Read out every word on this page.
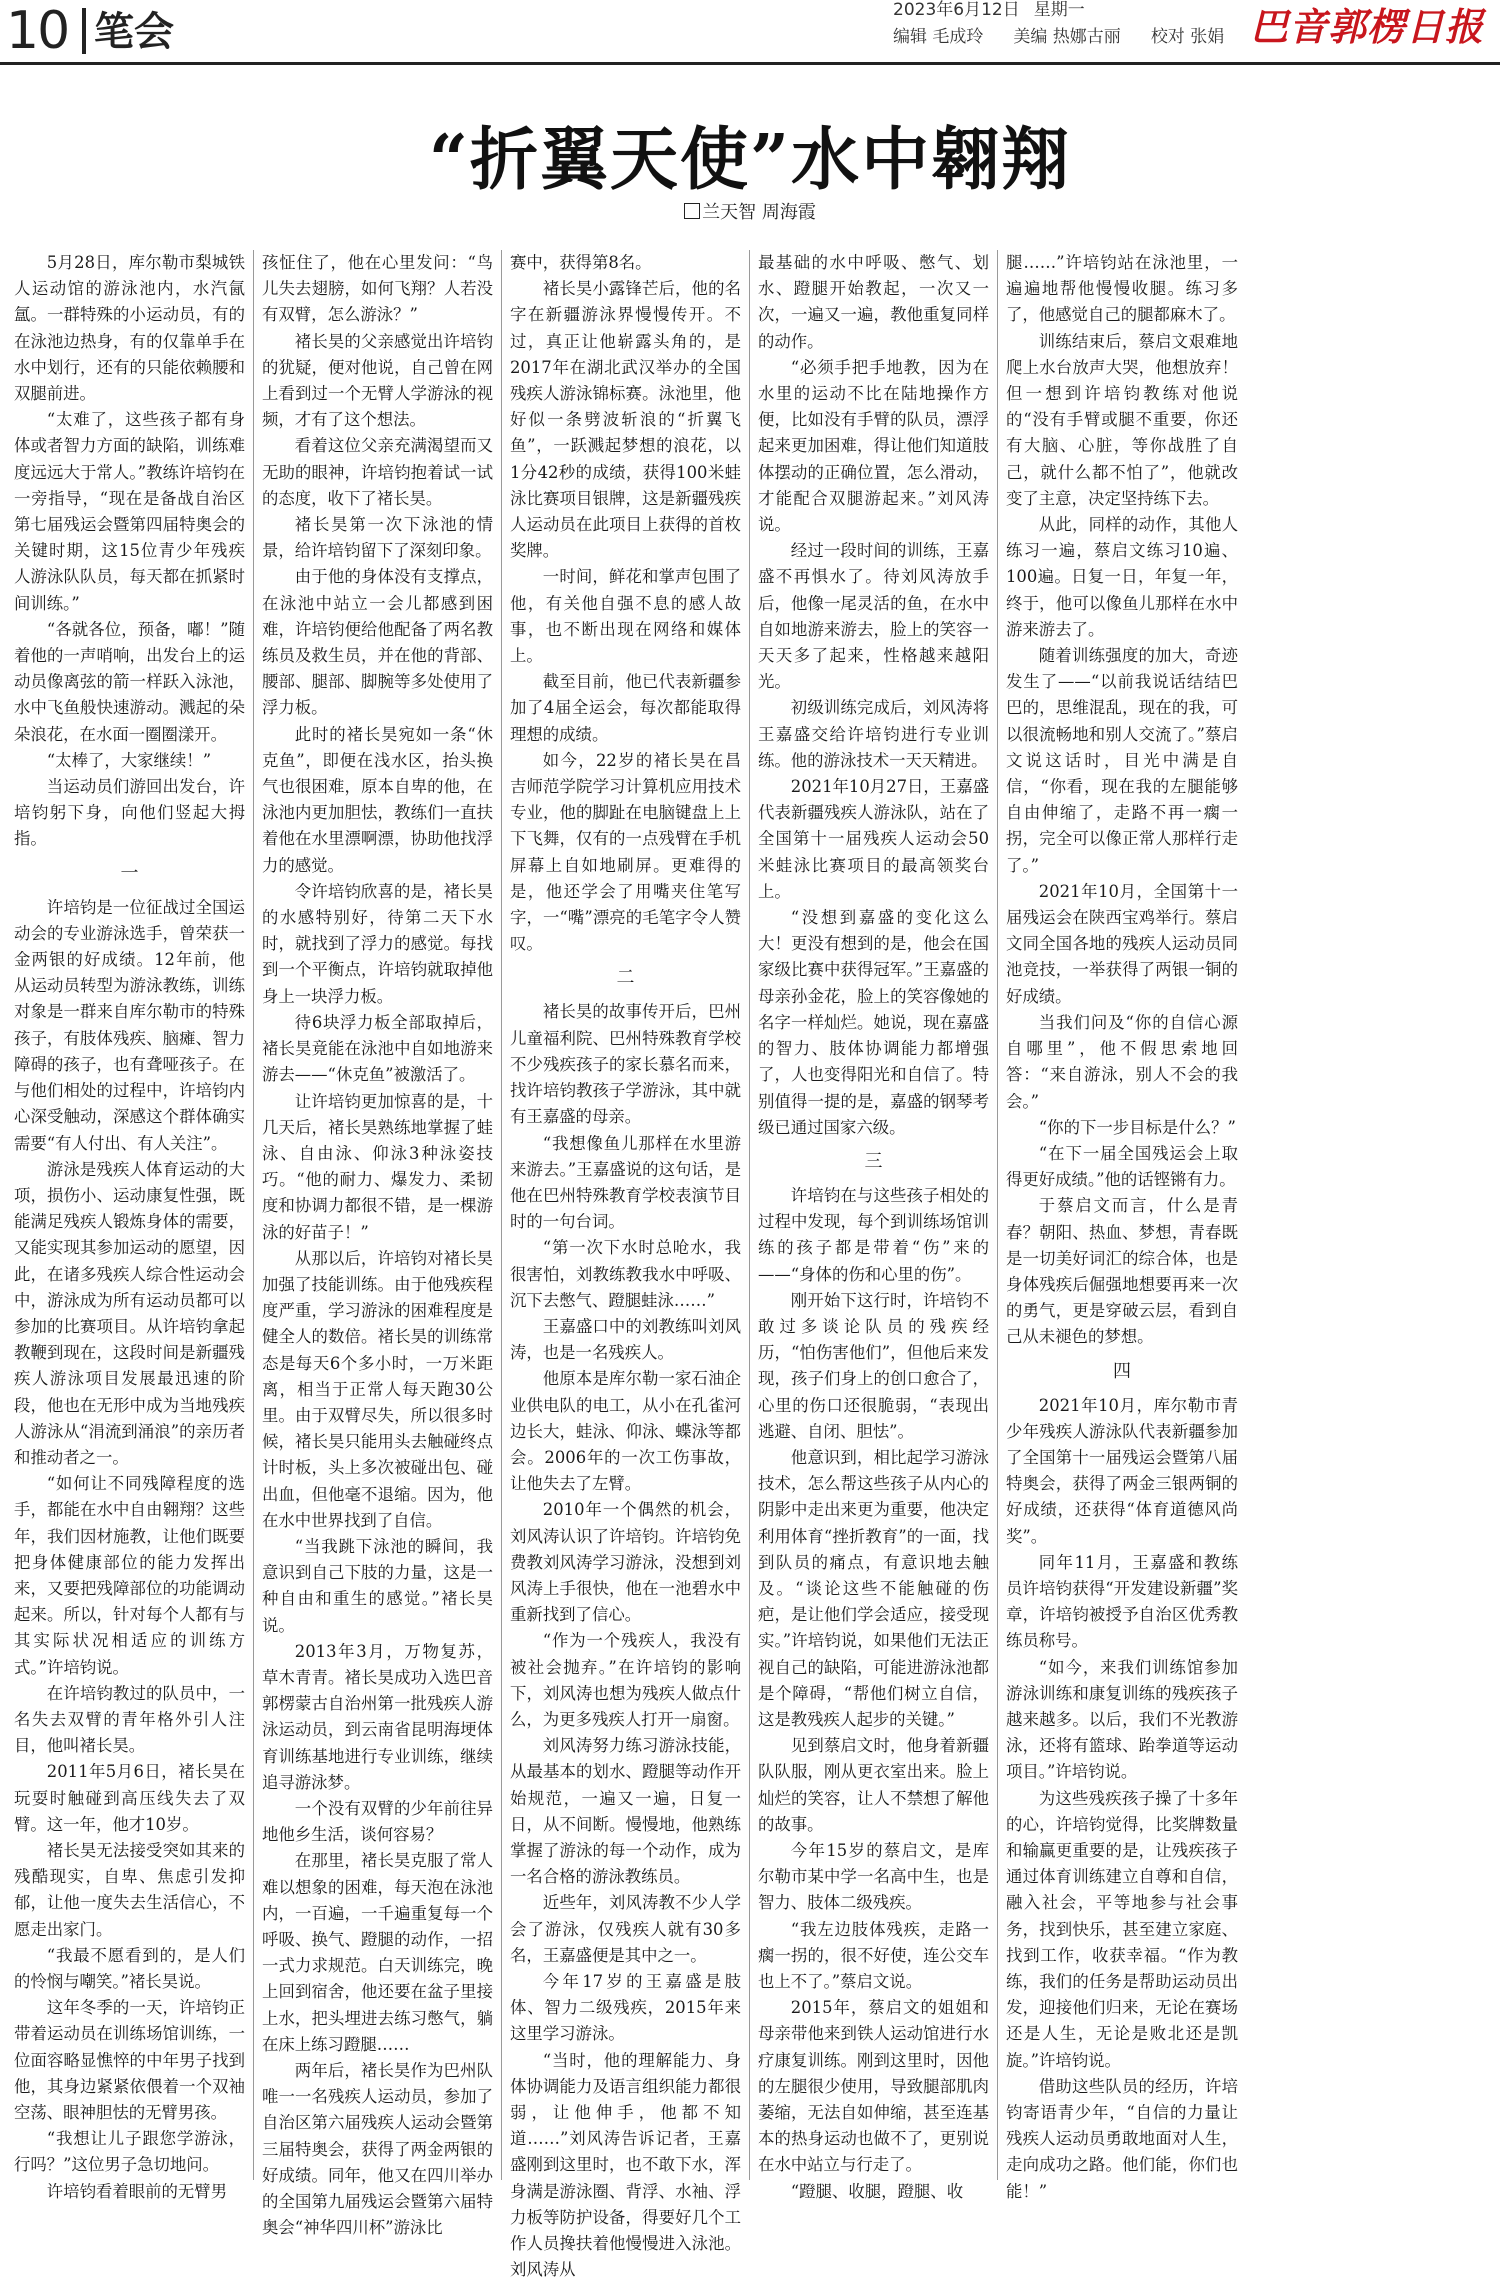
10 笔会	2023年6月12日 星期一
编辑 毛成玲 美编 热娜古丽 校对 张娟 巴音郭楞日报
“折翼天使”水中翱翔
兰天智 周海霞

5月28日，库尔勒市梨城铁人运动馆的游泳池内，水汽氤氲。一群特殊的小运动员，有的在泳池边热身，有的仅靠单手在水中划行，还有的只能依赖腰和双腿前进。

“太难了，这些孩子都有身体或者智力方面的缺陷，训练难度远远大于常人。”教练许培钧在一旁指导，“现在是备战自治区第七届残运会暨第四届特奥会的关键时期，这15位青少年残疾人游泳队队员，每天都在抓紧时间训练。”

“各就各位，预备，嘟！”随着他的一声哨响，出发台上的运动员像离弦的箭一样跃入泳池，水中飞鱼般快速游动。溅起的朵朵浪花，在水面一圈圈漾开。

“太棒了，大家继续！”

当运动员们游回出发台，许培钧躬下身，向他们竖起大拇指。

一

许培钧是一位征战过全国运动会的专业游泳选手，曾荣获一金两银的好成绩。12年前，他从运动员转型为游泳教练，训练对象是一群来自库尔勒市的特殊孩子，有肢体残疾、脑瘫、智力障碍的孩子，也有聋哑孩子。在与他们相处的过程中，许培钧内心深受触动，深感这个群体确实需要“有人付出、有人关注”。

游泳是残疾人体育运动的大项，损伤小、运动康复性强，既能满足残疾人锻炼身体的需要，又能实现其参加运动的愿望，因此，在诸多残疾人综合性运动会中，游泳成为所有运动员都可以参加的比赛项目。从许培钧拿起教鞭到现在，这段时间是新疆残疾人游泳项目发展最迅速的阶段，他也在无形中成为当地残疾人游泳从“涓流到涌浪”的亲历者和推动者之一。

“如何让不同残障程度的选手，都能在水中自由翱翔？这些年，我们因材施教，让他们既要把身体健康部位的能力发挥出来，又要把残障部位的功能调动起来。所以，针对每个人都有与其实际状况相适应的训练方式。”许培钧说。

在许培钧教过的队员中，一名失去双臂的青年格外引人注目，他叫褚长昊。

2011年5月6日，褚长昊在玩耍时触碰到高压线失去了双臂。这一年，他才10岁。

褚长昊无法接受突如其来的残酷现实，自卑、焦虑引发抑郁，让他一度失去生活信心，不愿走出家门。

“我最不愿看到的，是人们的怜悯与嘲笑。”褚长昊说。

这年冬季的一天，许培钧正带着运动员在训练场馆训练，一位面容略显憔悴的中年男子找到他，其身边紧紧依偎着一个双袖空荡、眼神胆怯的无臂男孩。

“我想让儿子跟您学游泳，行吗？”这位男子急切地问。

许培钧看着眼前的无臂男

孩怔住了，他在心里发问：“鸟儿失去翅膀，如何飞翔？人若没有双臂，怎么游泳？”

褚长昊的父亲感觉出许培钧的犹疑，便对他说，自己曾在网上看到过一个无臂人学游泳的视频，才有了这个想法。

看着这位父亲充满渴望而又无助的眼神，许培钧抱着试一试的态度，收下了褚长昊。

褚长昊第一次下泳池的情景，给许培钧留下了深刻印象。

由于他的身体没有支撑点，在泳池中站立一会儿都感到困难，许培钧便给他配备了两名教练员及救生员，并在他的背部、腰部、腿部、脚腕等多处使用了浮力板。

此时的褚长昊宛如一条“休克鱼”，即便在浅水区，抬头换气也很困难，原本自卑的他，在泳池内更加胆怯，教练们一直扶着他在水里漂啊漂，协助他找浮力的感觉。

令许培钧欣喜的是，褚长昊的水感特别好，待第二天下水时，就找到了浮力的感觉。每找到一个平衡点，许培钧就取掉他身上一块浮力板。

待6块浮力板全部取掉后，褚长昊竟能在泳池中自如地游来游去——“休克鱼”被激活了。

让许培钧更加惊喜的是，十几天后，褚长昊熟练地掌握了蛙泳、自由泳、仰泳3种泳姿技巧。“他的耐力、爆发力、柔韧度和协调力都很不错，是一棵游泳的好苗子！”

从那以后，许培钧对褚长昊加强了技能训练。由于他残疾程度严重，学习游泳的困难程度是健全人的数倍。褚长昊的训练常态是每天6个多小时，一万米距离，相当于正常人每天跑30公里。由于双臂尽失，所以很多时候，褚长昊只能用头去触碰终点计时板，头上多次被碰出包、碰出血，但他毫不退缩。因为，他在水中世界找到了自信。

“当我跳下泳池的瞬间，我意识到自己下肢的力量，这是一种自由和重生的感觉。”褚长昊说。

2013年3月，万物复苏，草木青青。褚长昊成功入选巴音郭楞蒙古自治州第一批残疾人游泳运动员，到云南省昆明海埂体育训练基地进行专业训练，继续追寻游泳梦。

一个没有双臂的少年前往异地他乡生活，谈何容易？

在那里，褚长昊克服了常人难以想象的困难，每天泡在泳池内，一百遍，一千遍重复每一个呼吸、换气、蹬腿的动作，一招一式力求规范。白天训练完，晚上回到宿舍，他还要在盆子里接上水，把头埋进去练习憋气，躺在床上练习蹬腿……

两年后，褚长昊作为巴州队唯一一名残疾人运动员，参加了自治区第六届残疾人运动会暨第三届特奥会，获得了两金两银的好成绩。同年，他又在四川举办的全国第九届残运会暨第六届特奥会“神华四川杯”游泳比

赛中，获得第8名。

褚长昊小露锋芒后，他的名字在新疆游泳界慢慢传开。不过，真正让他崭露头角的，是2017年在湖北武汉举办的全国残疾人游泳锦标赛。泳池里，他好似一条劈波斩浪的“折翼飞鱼”，一跃溅起梦想的浪花，以1分42秒的成绩，获得100米蛙泳比赛项目银牌，这是新疆残疾人运动员在此项目上获得的首枚奖牌。

一时间，鲜花和掌声包围了他，有关他自强不息的感人故事，也不断出现在网络和媒体上。

截至目前，他已代表新疆参加了4届全运会，每次都能取得理想的成绩。

如今，22岁的褚长昊在昌吉师范学院学习计算机应用技术专业，他的脚趾在电脑键盘上上下飞舞，仅有的一点残臂在手机屏幕上自如地刷屏。更难得的是，他还学会了用嘴夹住笔写字，一“嘴”漂亮的毛笔字令人赞叹。

二

褚长昊的故事传开后，巴州儿童福利院、巴州特殊教育学校不少残疾孩子的家长慕名而来，找许培钧教孩子学游泳，其中就有王嘉盛的母亲。

“我想像鱼儿那样在水里游来游去。”王嘉盛说的这句话，是他在巴州特殊教育学校表演节目时的一句台词。

“第一次下水时总呛水，我很害怕，刘教练教我水中呼吸、沉下去憋气、蹬腿蛙泳……”

王嘉盛口中的刘教练叫刘风涛，也是一名残疾人。

他原本是库尔勒一家石油企业供电队的电工，从小在孔雀河边长大，蛙泳、仰泳、蝶泳等都会。2006年的一次工伤事故，让他失去了左臂。

2010年一个偶然的机会，刘风涛认识了许培钧。许培钧免费教刘风涛学习游泳，没想到刘风涛上手很快，他在一池碧水中重新找到了信心。

“作为一个残疾人，我没有被社会抛弃。”在许培钧的影响下，刘风涛也想为残疾人做点什么，为更多残疾人打开一扇窗。

刘风涛努力练习游泳技能，从最基本的划水、蹬腿等动作开始规范，一遍又一遍，日复一日，从不间断。慢慢地，他熟练掌握了游泳的每一个动作，成为一名合格的游泳教练员。

近些年，刘风涛教不少人学会了游泳，仅残疾人就有30多名，王嘉盛便是其中之一。

今年17岁的王嘉盛是肢体、智力二级残疾，2015年来这里学习游泳。

“当时，他的理解能力、身体协调能力及语言组织能力都很弱，让他伸手，他都不知道……”刘风涛告诉记者，王嘉盛刚到这里时，也不敢下水，浑身满是游泳圈、背浮、水袖、浮力板等防护设备，得要好几个工作人员搀扶着他慢慢进入泳池。刘风涛从

最基础的水中呼吸、憋气、划水、蹬腿开始教起，一次又一次，一遍又一遍，教他重复同样的动作。

“必须手把手地教，因为在水里的运动不比在陆地操作方便，比如没有手臂的队员，漂浮起来更加困难，得让他们知道肢体摆动的正确位置，怎么滑动，才能配合双腿游起来。”刘风涛说。

经过一段时间的训练，王嘉盛不再惧水了。待刘风涛放手后，他像一尾灵活的鱼，在水中自如地游来游去，脸上的笑容一天天多了起来，性格越来越阳光。

初级训练完成后，刘风涛将王嘉盛交给许培钧进行专业训练。他的游泳技术一天天精进。

2021年10月27日，王嘉盛代表新疆残疾人游泳队，站在了全国第十一届残疾人运动会50米蛙泳比赛项目的最高领奖台上。

“没想到嘉盛的变化这么大！更没有想到的是，他会在国家级比赛中获得冠军。”王嘉盛的母亲孙金花，脸上的笑容像她的名字一样灿烂。她说，现在嘉盛的智力、肢体协调能力都增强了，人也变得阳光和自信了。特别值得一提的是，嘉盛的钢琴考级已通过国家六级。

三

许培钧在与这些孩子相处的过程中发现，每个到训练场馆训练的孩子都是带着“伤”来的——“身体的伤和心里的伤”。

刚开始下这行时，许培钧不敢过多谈论队员的残疾经历，“怕伤害他们”，但他后来发现，孩子们身上的创口愈合了，心里的伤口还很脆弱，“表现出逃避、自闭、胆怯”。

他意识到，相比起学习游泳技术，怎么帮这些孩子从内心的阴影中走出来更为重要，他决定利用体育“挫折教育”的一面，找到队员的痛点，有意识地去触及。“谈论这些不能触碰的伤疤，是让他们学会适应，接受现实。”许培钧说，如果他们无法正视自己的缺陷，可能进游泳池都是个障碍，“帮他们树立自信，这是教残疾人起步的关键。”

见到蔡启文时，他身着新疆队队服，刚从更衣室出来。脸上灿烂的笑容，让人不禁想了解他的故事。

今年15岁的蔡启文，是库尔勒市某中学一名高中生，也是智力、肢体二级残疾。

“我左边肢体残疾，走路一瘸一拐的，很不好使，连公交车也上不了。”蔡启文说。

2015年，蔡启文的姐姐和母亲带他来到铁人运动馆进行水疗康复训练。刚到这里时，因他的左腿很少使用，导致腿部肌肉萎缩，无法自如伸缩，甚至连基本的热身运动也做不了，更别说在水中站立与行走了。

“蹬腿、收腿，蹬腿、收

腿……”许培钧站在泳池里，一遍遍地帮他慢慢收腿。练习多了，他感觉自己的腿都麻木了。

训练结束后，蔡启文艰难地爬上水台放声大哭，他想放弃！但一想到许培钧教练对他说的“没有手臂或腿不重要，你还有大脑、心脏，等你战胜了自己，就什么都不怕了”，他就改变了主意，决定坚持练下去。

从此，同样的动作，其他人练习一遍，蔡启文练习10遍、100遍。日复一日，年复一年，终于，他可以像鱼儿那样在水中游来游去了。

随着训练强度的加大，奇迹发生了——“以前我说话结结巴巴的，思维混乱，现在的我，可以很流畅地和别人交流了。”蔡启文说这话时，目光中满是自信，“你看，现在我的左腿能够自由伸缩了，走路不再一瘸一拐，完全可以像正常人那样行走了。”

2021年10月，全国第十一届残运会在陕西宝鸡举行。蔡启文同全国各地的残疾人运动员同池竞技，一举获得了两银一铜的好成绩。

当我们问及“你的自信心源自哪里”，他不假思索地回答：“来自游泳，别人不会的我会。”

“你的下一步目标是什么？”

“在下一届全国残运会上取得更好成绩。”他的话铿锵有力。

于蔡启文而言，什么是青春？朝阳、热血、梦想，青春既是一切美好词汇的综合体，也是身体残疾后倔强地想要再来一次的勇气，更是穿破云层，看到自己从未褪色的梦想。

四

2021年10月，库尔勒市青少年残疾人游泳队代表新疆参加了全国第十一届残运会暨第八届特奥会，获得了两金三银两铜的好成绩，还获得“体育道德风尚奖”。

同年11月，王嘉盛和教练员许培钧获得“开发建设新疆”奖章，许培钧被授予自治区优秀教练员称号。

“如今，来我们训练馆参加游泳训练和康复训练的残疾孩子越来越多。以后，我们不光教游泳，还将有篮球、跆拳道等运动项目。”许培钧说。

为这些残疾孩子操了十多年的心，许培钧觉得，比奖牌数量和输赢更重要的是，让残疾孩子通过体育训练建立自尊和自信，融入社会，平等地参与社会事务，找到快乐，甚至建立家庭、找到工作，收获幸福。“作为教练，我们的任务是帮助运动员出发，迎接他们归来，无论在赛场还是人生，无论是败北还是凯旋。”许培钧说。

借助这些队员的经历，许培钧寄语青少年，“自信的力量让残疾人运动员勇敢地面对人生，走向成功之路。他们能，你们也能！”
